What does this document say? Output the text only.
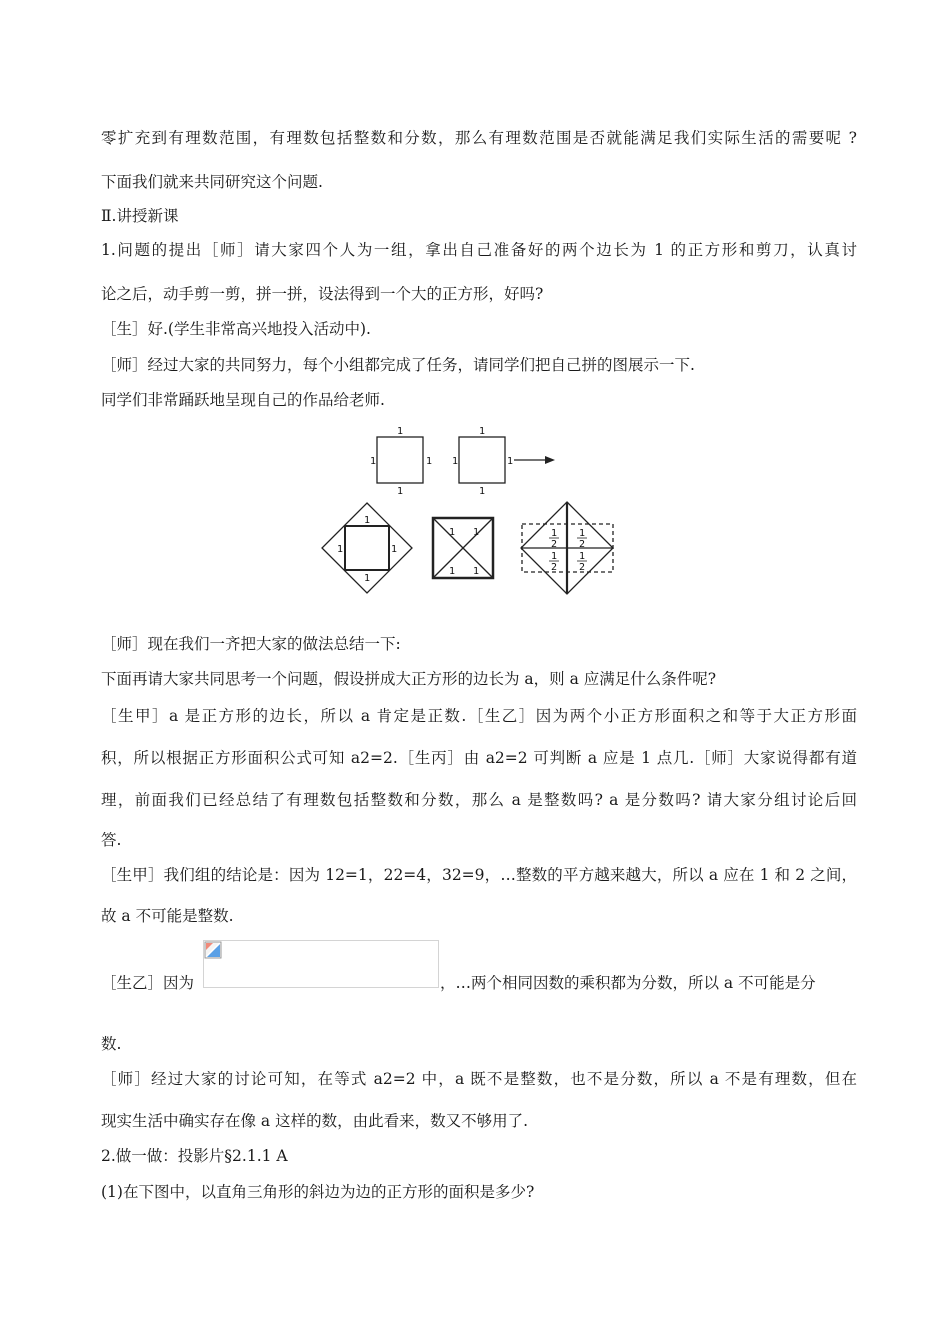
零扩充到有理数范围，有理数包括整数和分数，那么有理数范围是否就能满足我们实际生活的需要呢 ?
下面我们就来共同研究这个问题.
Ⅱ.讲授新课
1.问题的提出［师］请大家四个人为一组，拿出自己准备好的两个边长为 1 的正方形和剪刀，认真讨
论之后，动手剪一剪，拼一拼，设法得到一个大的正方形，好吗?
［生］好.(学生非常高兴地投入活动中).
［师］经过大家的共同努力，每个小组都完成了任务，请同学们把自己拼的图展示一下.
同学们非常踊跃地呈现自己的作品给老师.
1
1
1	1
1
1
1	1
1
1
1	1
1 1
1 1
1
2
1
2
1
2
1
2
［师］现在我们一齐把大家的做法总结一下:
下面再请大家共同思考一个问题，假设拼成大正方形的边长为 a，则 a 应满足什么条件呢?
［生甲］a 是正方形的边长，所以 a 肯定是正数.［生乙］因为两个小正方形面积之和等于大正方形面
积，所以根据正方形面积公式可知 a2=2.［生丙］由 a2=2 可判断 a 应是 1 点几.［师］大家说得都有道
理，前面我们已经总结了有理数包括整数和分数，那么 a 是整数吗? a 是分数吗? 请大家分组讨论后回
答.
［生甲］我们组的结论是：因为 12=1，22=4，32=9，…整数的平方越来越大，所以 a 应在 1 和 2 之间，
故 a 不可能是整数.
［生乙］因为	，…两个相同因数的乘积都为分数，所以 a 不可能是分
数.
［师］经过大家的讨论可知，在等式 a2=2 中，a 既不是整数，也不是分数，所以 a 不是有理数，但在
现实生活中确实存在像 a 这样的数，由此看来，数又不够用了.
2.做一做：投影片§2.1.1 A
(1)在下图中，以直角三角形的斜边为边的正方形的面积是多少?
